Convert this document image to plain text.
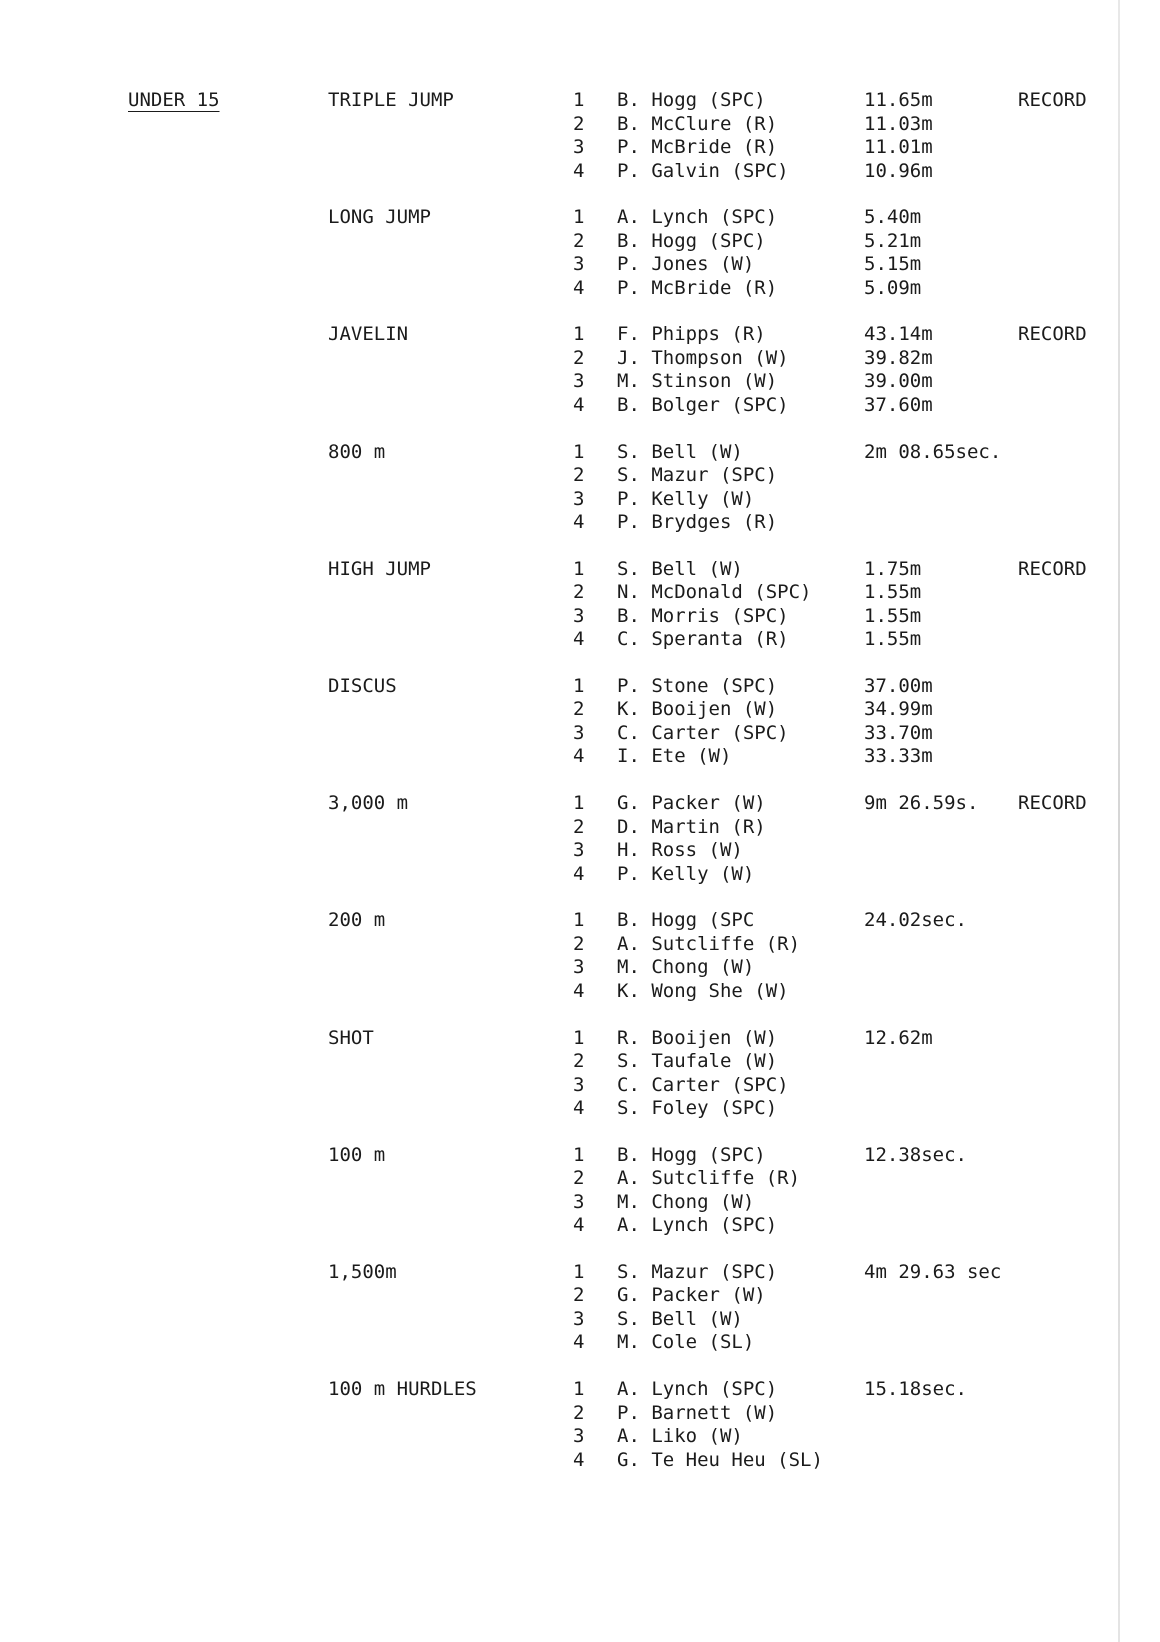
UNDER 15	TRIPLE JUMP	1 B. Hogg (SPC)	11.65m	RECORD
2 B. McClure (R)	11.03m
3 P. McBride (R)	11.01m
4 P. Galvin (SPC)	10.96m
LONG JUMP	1 A. Lynch (SPC)	5.40m
2 B. Hogg (SPC)	5.21m
3 P. Jones (W)	5.15m
4 P. McBride (R)	5.09m
JAVELIN	1 F. Phipps (R)	43.14m	RECORD
2 J. Thompson (W)	39.82m
3 M. Stinson (W)	39.00m
4 B. Bolger (SPC)	37.60m
800 m	1 S. Bell (W)	2m 08.65sec.
2 S. Mazur (SPC)
3 P. Kelly (W)
4 P. Brydges (R)
HIGH JUMP	1 S. Bell (W)	1.75m	RECORD
2 N. McDonald (SPC)	1.55m
3 B. Morris (SPC)	1.55m
4 C. Speranta (R)	1.55m
DISCUS	1 P. Stone (SPC)	37.00m
2 K. Booijen (W)	34.99m
3 C. Carter (SPC)	33.70m
4 I. Ete (W)	33.33m
3,000 m	1 G. Packer (W)	9m 26.59s. RECORD
2 D. Martin (R)
3 H. Ross (W)
4 P. Kelly (W)
200 m	1 B. Hogg (SPC	24.02sec.
2 A. Sutcliffe (R)
3 M. Chong (W)
4 K. Wong She (W)
SHOT	1 R. Booijen (W)	12.62m
2 S. Taufale (W)
3 C. Carter (SPC)
4 S. Foley (SPC)
100 m	1 B. Hogg (SPC)	12.38sec.
2 A. Sutcliffe (R)
3 M. Chong (W)
4 A. Lynch (SPC)
1,500m	1 S. Mazur (SPC)	4m 29.63 sec
2 G. Packer (W)
3 S. Bell (W)
4 M. Cole (SL)
100 m HURDLES	1 A. Lynch (SPC)	15.18sec.
2 P. Barnett (W)
3 A. Liko (W)
4 G. Te Heu Heu (SL)
